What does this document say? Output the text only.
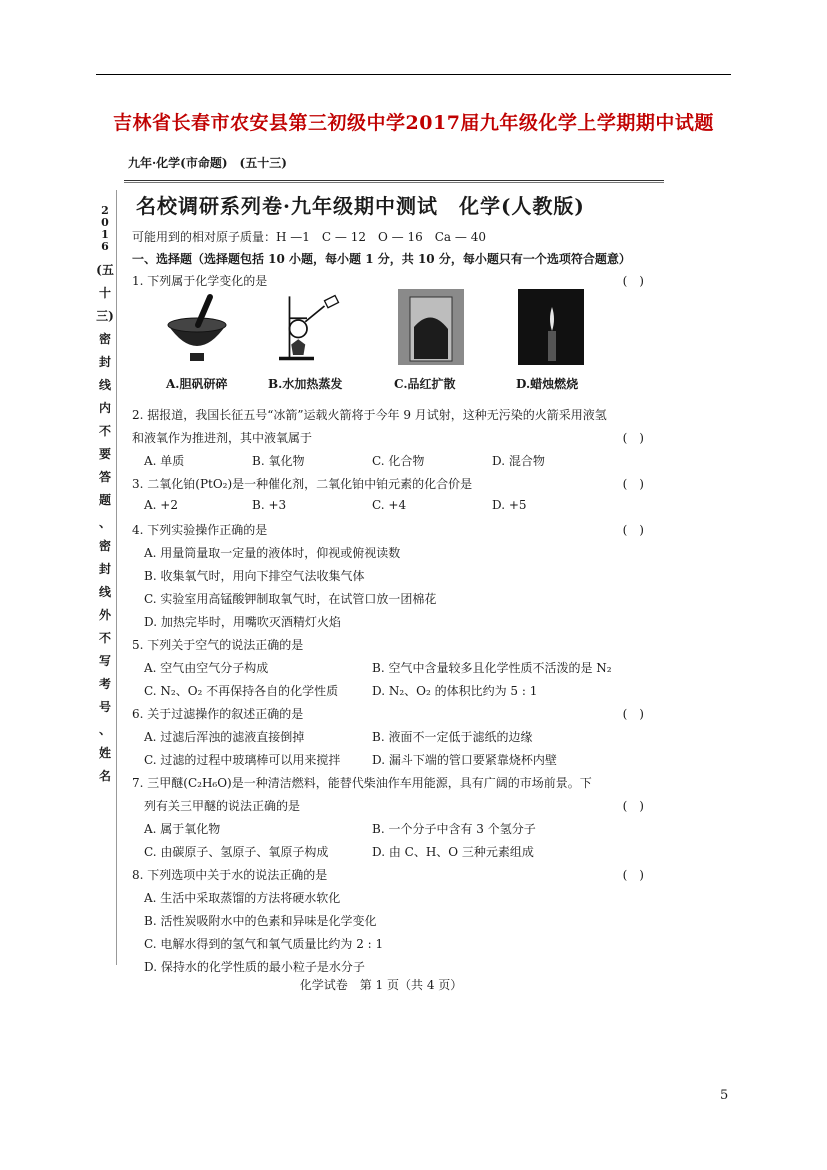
吉林省长春市农安县第三初级中学2017届九年级化学上学期期中试题
九年·化学(市命题)　(五十三)
2
0
1
6
(五十三)
密
封
线
内
不
要
答
题
、
密
封
线
外
不
写
考
号
、
姓
名
名校调研系列卷·九年级期中测试　化学(人教版)
可能用到的相对原子质量：H —1　C — 12　O — 16　Ca — 40
一、选择题（选择题包括 10 小题，每小题 1 分，共 10 分，每小题只有一个选项符合题意）
1. 下列属于化学变化的是	(　)
A.胆矾研碎	B.水加热蒸发	C.品红扩散	D.蜡烛燃烧
2. 据报道，我国长征五号“冰箭”运载火箭将于今年 9 月试射，这种无污染的火箭采用液氢
和液氧作为推进剂，其中液氧属于	(　)
A. 单质	B. 氧化物	C. 化合物	D. 混合物
3. 二氧化铂(PtO₂)是一种催化剂，二氧化铂中铂元素的化合价是	(　)
A. +2	B. +3	C. +4	D. +5
4. 下列实验操作正确的是	(　)
A. 用量筒量取一定量的液体时，仰视或俯视读数
B. 收集氧气时，用向下排空气法收集气体
C. 实验室用高锰酸钾制取氧气时，在试管口放一团棉花
D. 加热完毕时，用嘴吹灭酒精灯火焰
5. 下列关于空气的说法正确的是
A. 空气由空气分子构成	B. 空气中含量较多且化学性质不活泼的是 N₂
C. N₂、O₂ 不再保持各自的化学性质	D. N₂、O₂ 的体积比约为 5 : 1
6. 关于过滤操作的叙述正确的是	(　)
A. 过滤后浑浊的滤液直接倒掉	B. 液面不一定低于滤纸的边缘
C. 过滤的过程中玻璃棒可以用来搅拌	D. 漏斗下端的管口要紧靠烧杯内壁
7. 三甲醚(C₂H₆O)是一种清洁燃料，能替代柴油作车用能源，具有广阔的市场前景。下
列有关三甲醚的说法正确的是	(　)
A. 属于氧化物	B. 一个分子中含有 3 个氢分子
C. 由碳原子、氢原子、氧原子构成	D. 由 C、H、O 三种元素组成
8. 下列选项中关于水的说法正确的是	(　)
A. 生活中采取蒸馏的方法将硬水软化
B. 活性炭吸附水中的色素和异味是化学变化
C. 电解水得到的氢气和氧气质量比约为 2 : 1
D. 保持水的化学性质的最小粒子是水分子
化学试卷　第 1 页（共 4 页）
5
